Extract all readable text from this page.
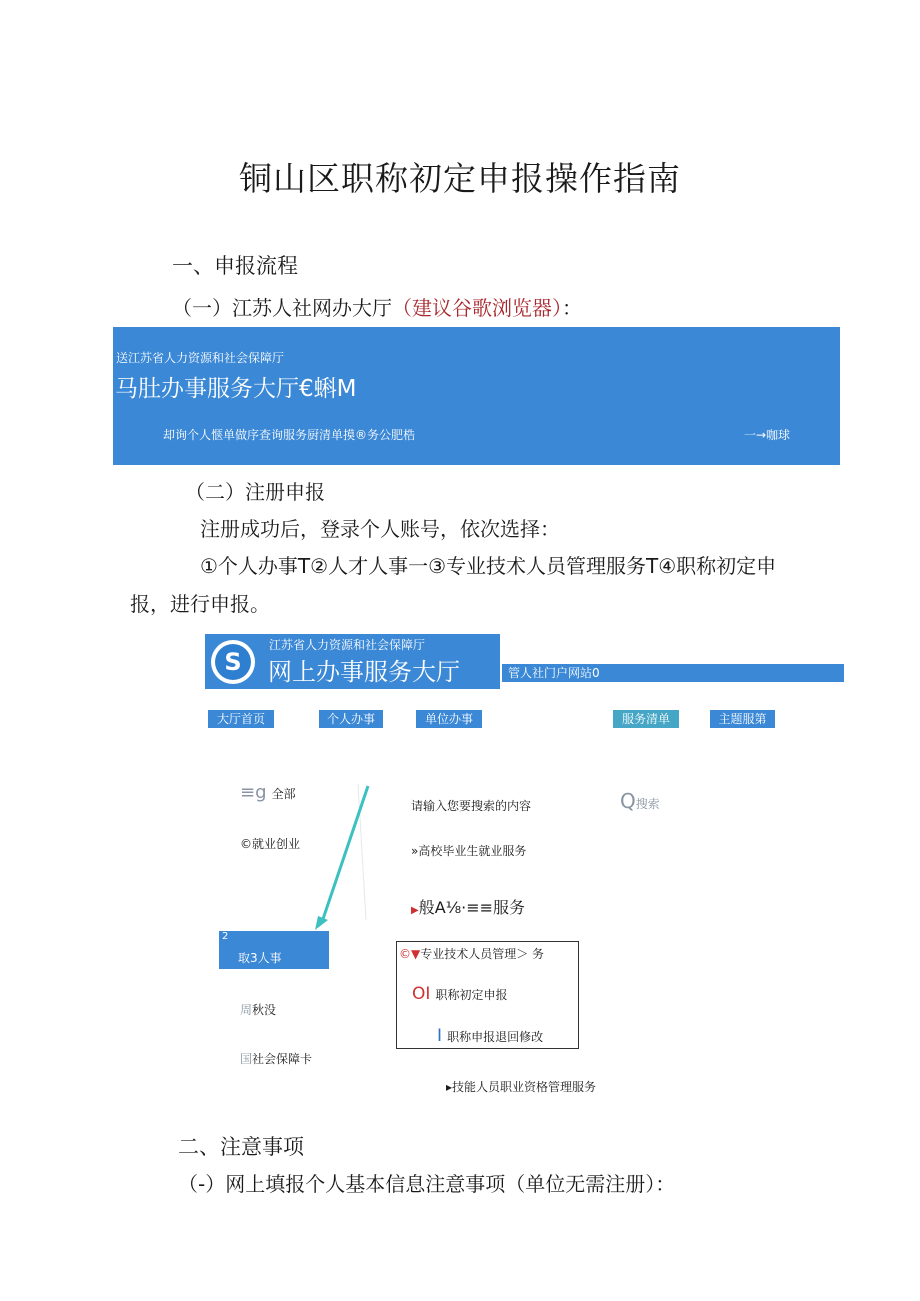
铜山区职称初定申报操作指南
一、申报流程
（一）江苏人社网办大厅（建议谷歌浏览器）：
送江苏省人力资源和社会保障厅
马肚办事服务大厅€蝌M
却询个人惬单做序查询服务厨清单摸®务公肥梏	一→咖球
（二）注册申报
注册成功后，登录个人账号，依次选择：
①个人办事T②人才人事一③专业技术人员管理服务T④职称初定申
报，进行申报。
S
江苏省人力资源和社会保障厅
网上办事服务大厅	管人社门户网站0
大厅首页	个人办事	单位办事	服务清单	主题服第
≡g 全部
©就业创业
2
取3人事
周秋没
国社会保障卡
请输入您要搜索的内容	Q搜索
»高校毕业生就业服务
▶般A⅛·≡≡服务
©▼专业技术人员管理＞ 务
OI 职称初定申报
I 职称申报退回修改
▸技能人员职业资格管理服务
二、注意事项
（-）网上填报个人基本信息注意事项（单位无需注册）：
